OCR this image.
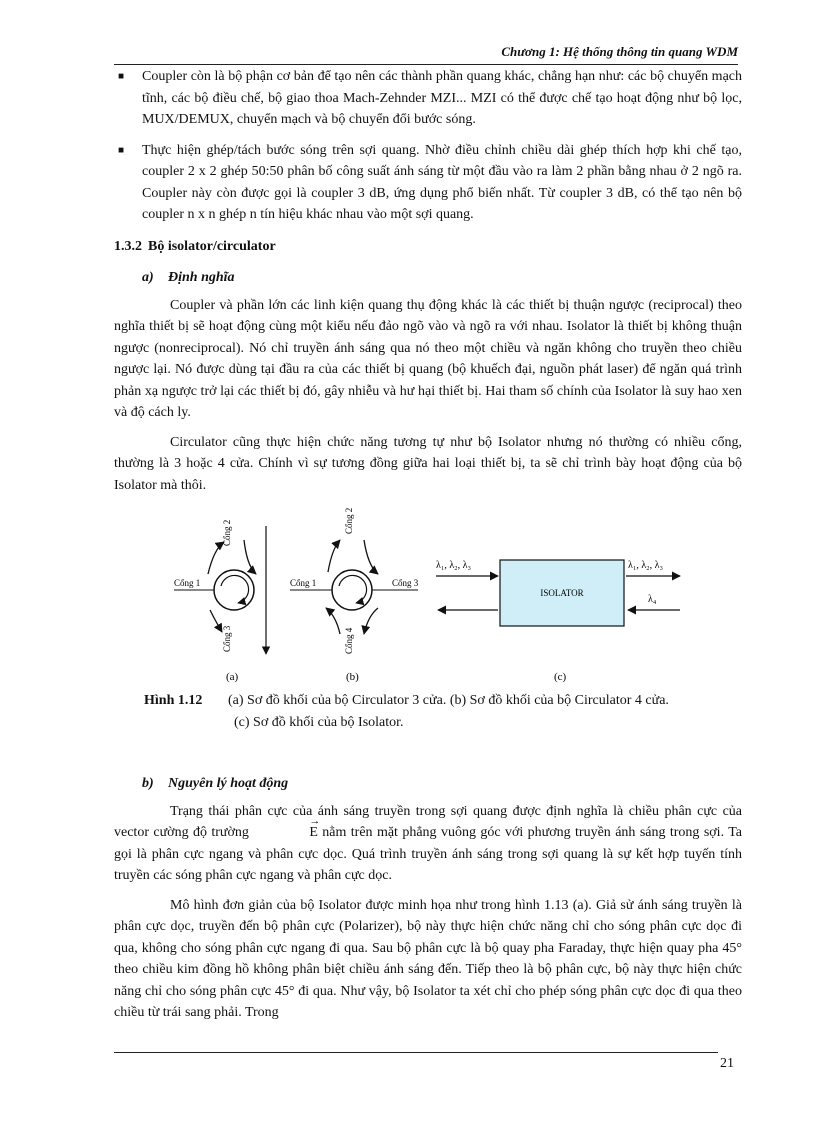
Chương 1: Hệ thống thông tin quang WDM

■ Coupler còn là bộ phận cơ bản để tạo nên các thành phần quang khác, chẳng hạn như: các bộ chuyển mạch tĩnh, các bộ điều chế, bộ giao thoa Mach-Zehnder MZI... MZI có thể được chế tạo hoạt động như bộ lọc, MUX/DEMUX, chuyển mạch và bộ chuyển đổi bước sóng.

■ Thực hiện ghép/tách bước sóng trên sợi quang. Nhờ điều chỉnh chiều dài ghép thích hợp khi chế tạo, coupler 2 x 2 ghép 50:50 phân bố công suất ánh sáng từ một đầu vào ra làm 2 phần bằng nhau ở 2 ngõ ra. Coupler này còn được gọi là coupler 3 dB, ứng dụng phổ biến nhất. Từ coupler 3 dB, có thể tạo nên bộ coupler n x n ghép n tín hiệu khác nhau vào một sợi quang.

1.3.2 Bộ isolator/circulator
a) Định nghĩa

Coupler và phần lớn các linh kiện quang thụ động khác là các thiết bị thuận ngược (reciprocal) theo nghĩa thiết bị sẽ hoạt động cùng một kiểu nếu đảo ngõ vào và ngõ ra với nhau. Isolator là thiết bị không thuận ngược (nonreciprocal). Nó chỉ truyền ánh sáng qua nó theo một chiều và ngăn không cho truyền theo chiều ngược lại. Nó được dùng tại đầu ra của các thiết bị quang (bộ khuếch đại, nguồn phát laser) để ngăn quá trình phản xạ ngược trở lại các thiết bị đó, gây nhiễu và hư hại thiết bị. Hai tham số chính của Isolator là suy hao xen và độ cách ly.

Circulator cũng thực hiện chức năng tương tự như bộ Isolator nhưng nó thường có nhiều cổng, thường là 3 hoặc 4 cửa. Chính vì sự tương đồng giữa hai loại thiết bị, ta sẽ chỉ trình bày hoạt động của bộ Isolator mà thôi.

Cổng 1
Cổng 2
Cổng 3
(a)
Cổng 1
Cổng 2
Cổng 3
Cổng 4
(b)
ISOLATOR
λ₁, λ₂, λ₃	λ₁, λ₂, λ₃
λ₄
(c)
Hình 1.12 (a) Sơ đồ khối của bộ Circulator 3 cửa. (b) Sơ đồ khối của bộ Circulator 4 cửa.
(c) Sơ đồ khối của bộ Isolator.
b) Nguyên lý hoạt động

Trạng thái phân cực của ánh sáng truyền trong sợi quang được định nghĩa là chiều phân cực của vector cường độ trường →	E nằm trên mặt phẳng vuông góc với phương truyền ánh sáng trong sợi. Ta gọi là phân cực ngang và phân cực dọc. Quá trình truyền ánh sáng trong sợi quang là sự kết hợp tuyến tính truyền các sóng phân cực ngang và phân cực dọc.

Mô hình đơn giản của bộ Isolator được minh họa như trong hình 1.13 (a). Giả sử ánh sáng truyền là phân cực dọc, truyền đến bộ phân cực (Polarizer), bộ này thực hiện chức năng chỉ cho sóng phân cực dọc đi qua, không cho sóng phân cực ngang đi qua. Sau bộ phân cực là bộ quay pha Faraday, thực hiện quay pha 45° theo chiều kim đồng hồ không phân biệt chiều ánh sáng đến. Tiếp theo là bộ phân cực, bộ này thực hiện chức năng chỉ cho sóng phân cực 45° đi qua. Như vậy, bộ Isolator ta xét chỉ cho phép sóng phân cực dọc đi qua theo chiều từ trái sang phải. Trong

21
